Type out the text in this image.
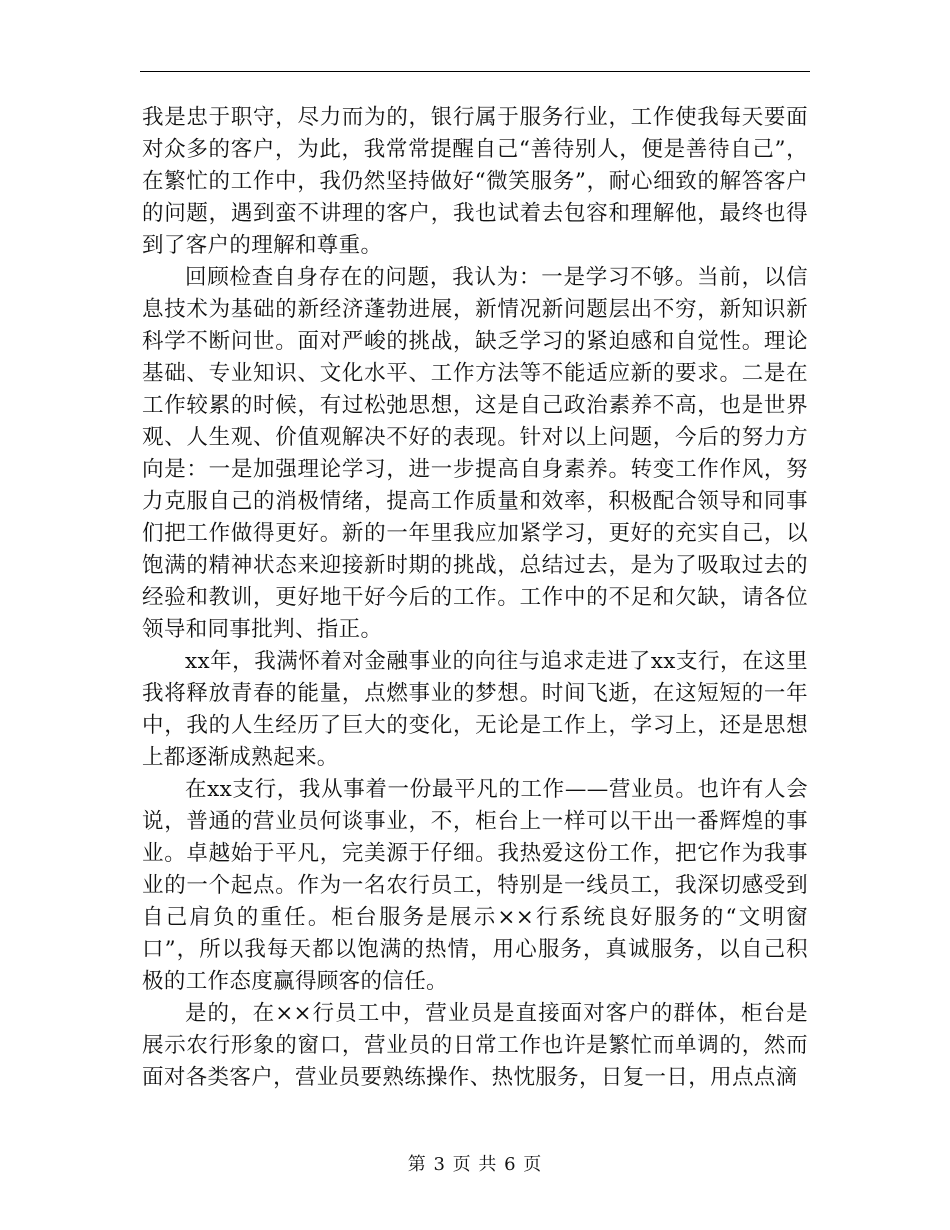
我是忠于职守，尽力而为的，银行属于服务行业，工作使我每天要面对众多的客户，为此，我常常提醒自己“善待别人，便是善待自己”，在繁忙的工作中，我仍然坚持做好“微笑服务”，耐心细致的解答客户的问题，遇到蛮不讲理的客户，我也试着去包容和理解他，最终也得到了客户的理解和尊重。

回顾检查自身存在的问题，我认为：一是学习不够。当前，以信息技术为基础的新经济蓬勃进展，新情况新问题层出不穷，新知识新科学不断问世。面对严峻的挑战，缺乏学习的紧迫感和自觉性。理论基础、专业知识、文化水平、工作方法等不能适应新的要求。二是在工作较累的时候，有过松弛思想，这是自己政治素养不高，也是世界观、人生观、价值观解决不好的表现。针对以上问题，今后的努力方向是：一是加强理论学习，进一步提高自身素养。转变工作作风，努力克服自己的消极情绪，提高工作质量和效率，积极配合领导和同事们把工作做得更好。新的一年里我应加紧学习，更好的充实自己，以饱满的精神状态来迎接新时期的挑战，总结过去，是为了吸取过去的经验和教训，更好地干好今后的工作。工作中的不足和欠缺，请各位领导和同事批判、指正。

xx年，我满怀着对金融事业的向往与追求走进了xx支行，在这里我将释放青春的能量，点燃事业的梦想。时间飞逝，在这短短的一年中，我的人生经历了巨大的变化，无论是工作上，学习上，还是思想上都逐渐成熟起来。

在xx支行，我从事着一份最平凡的工作——营业员。也许有人会说，普通的营业员何谈事业，不，柜台上一样可以干出一番辉煌的事业。卓越始于平凡，完美源于仔细。我热爱这份工作，把它作为我事业的一个起点。作为一名农行员工，特别是一线员工，我深切感受到自己肩负的重任。柜台服务是展示××行系统良好服务的“文明窗口”，所以我每天都以饱满的热情，用心服务，真诚服务，以自己积极的工作态度赢得顾客的信任。

是的，在××行员工中，营业员是直接面对客户的群体，柜台是展示农行形象的窗口，营业员的日常工作也许是繁忙而单调的，然而面对各类客户，营业员要熟练操作、热忱服务，日复一日，用点点滴

第 3 页 共 6 页
